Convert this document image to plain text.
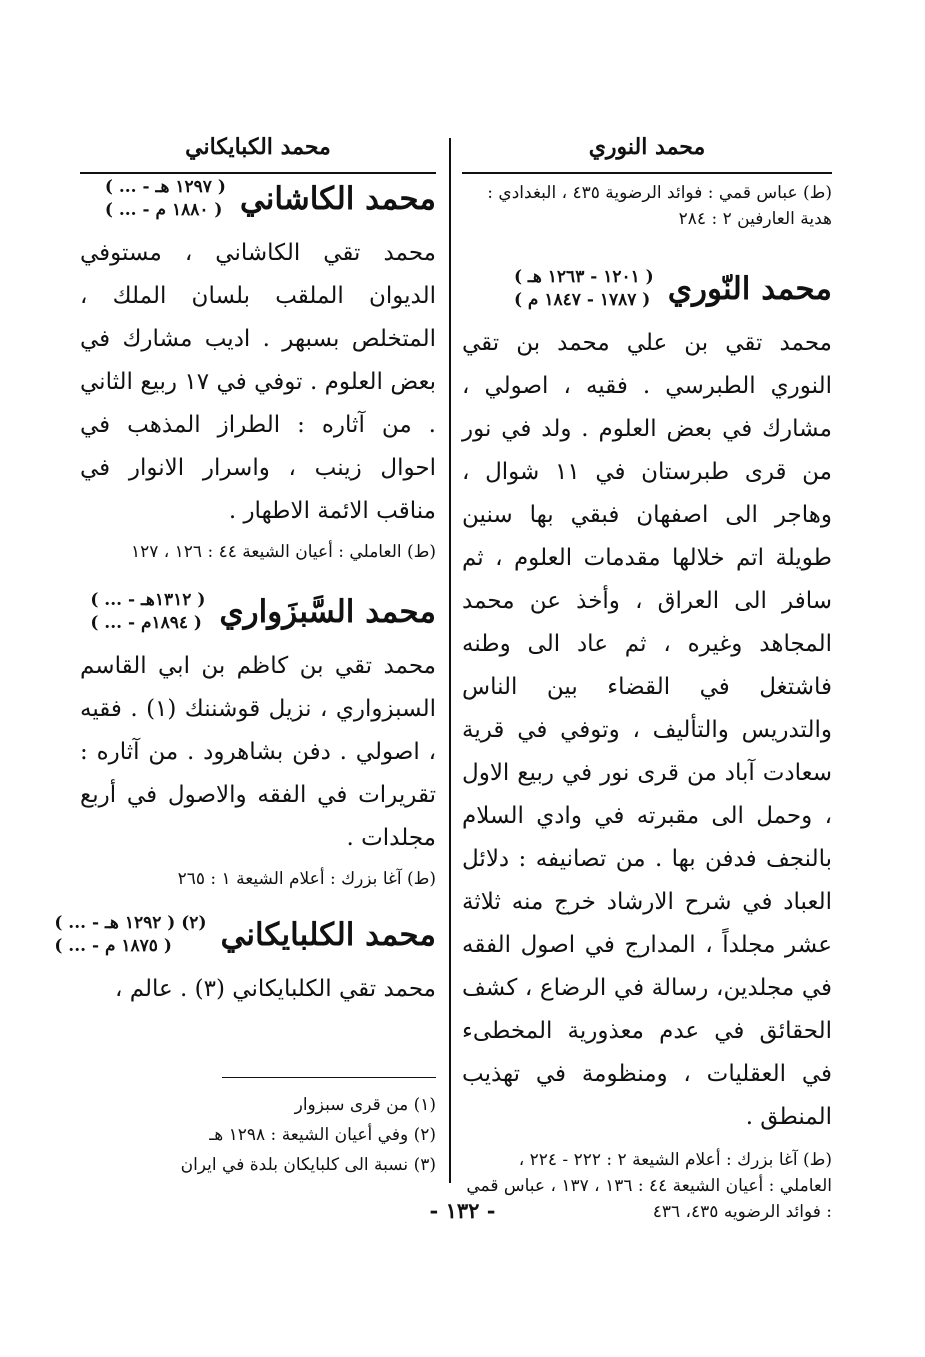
محمد النوري

(ط) عباس قمي : فوائد الرضوية ٤٣٥ ، البغدادي : هدية العارفين ٢ : ٢٨٤

محمد النّوري
( ١٢٠١ - ١٢٦٣ هـ )
( ١٧٨٧ - ١٨٤٧ م )

محمد تقي بن علي محمد بن تقي النوري الطبرسي . فقيه ، اصولي ، مشارك في بعض العلوم . ولد في نور من قرى طبرستان في ١١ شوال ، وهاجر الى اصفهان فبقي بها سنين طويلة اتم خلالها مقدمات العلوم ، ثم سافر الى العراق ، وأخذ عن محمد المجاهد وغيره ، ثم عاد الى وطنه فاشتغل في القضاء بين الناس والتدريس والتأليف ، وتوفي في قرية سعادت آباد من قرى نور في ربيع الاول ، وحمل الى مقبرته في وادي السلام بالنجف فدفن بها . من تصانيفه : دلائل العباد في شرح الارشاد خرج منه ثلاثة عشر مجلداً ، المدارج في اصول الفقه في مجلدين، رسالة في الرضاع ، كشف الحقائق في عدم معذورية المخطىء في العقليات ، ومنظومة في تهذيب المنطق .

(ط) آغا بزرك : أعلام الشيعة ٢ : ٢٢٢ - ٢٢٤ ، العاملي : أعيان الشيعة ٤٤ : ١٣٦ ، ١٣٧ ، عباس قمي : فوائد الرضويه ٤٣٥، ٤٣٦

محمد الكبايكاني
محمد الكاشاني
( ... - ١٢٩٧ هـ )
( ... - ١٨٨٠ م )

محمد تقي الكاشاني ، مستوفي الديوان الملقب بلسان الملك ، المتخلص بسبهر . اديب مشارك في بعض العلوم . توفي في ١٧ ربيع الثاني . من آثاره : الطراز المذهب في احوال زينب ، واسرار الانوار في مناقب الائمة الاطهار .

(ط) العاملي : أعيان الشيعة ٤٤ : ١٢٦ ، ١٢٧

محمد السَّبزَواري
( ... - ١٣١٢هـ )
( ... - ١٨٩٤م )

محمد تقي بن كاظم بن ابي القاسم السبزواري ، نزيل قوشننك (١) . فقيه ، اصولي . دفن بشاهرود . من آثاره : تقريرات في الفقه والاصول في أربع مجلدات .

(ط) آغا بزرك : أعلام الشيعة ١ : ٢٦٥

محمد الكلبايكاني
( ... - ١٢٩٢ هـ ) (٢)
( ... - ١٨٧٥ م )

محمد تقي الكلبايكاني (٣) . عالم ،

(١) من قرى سبزوار

(٢) وفي أعيان الشيعة : ١٢٩٨ هـ

(٣) نسبة الى كلبايكان بلدة في ايران

- ١٣٢ -
